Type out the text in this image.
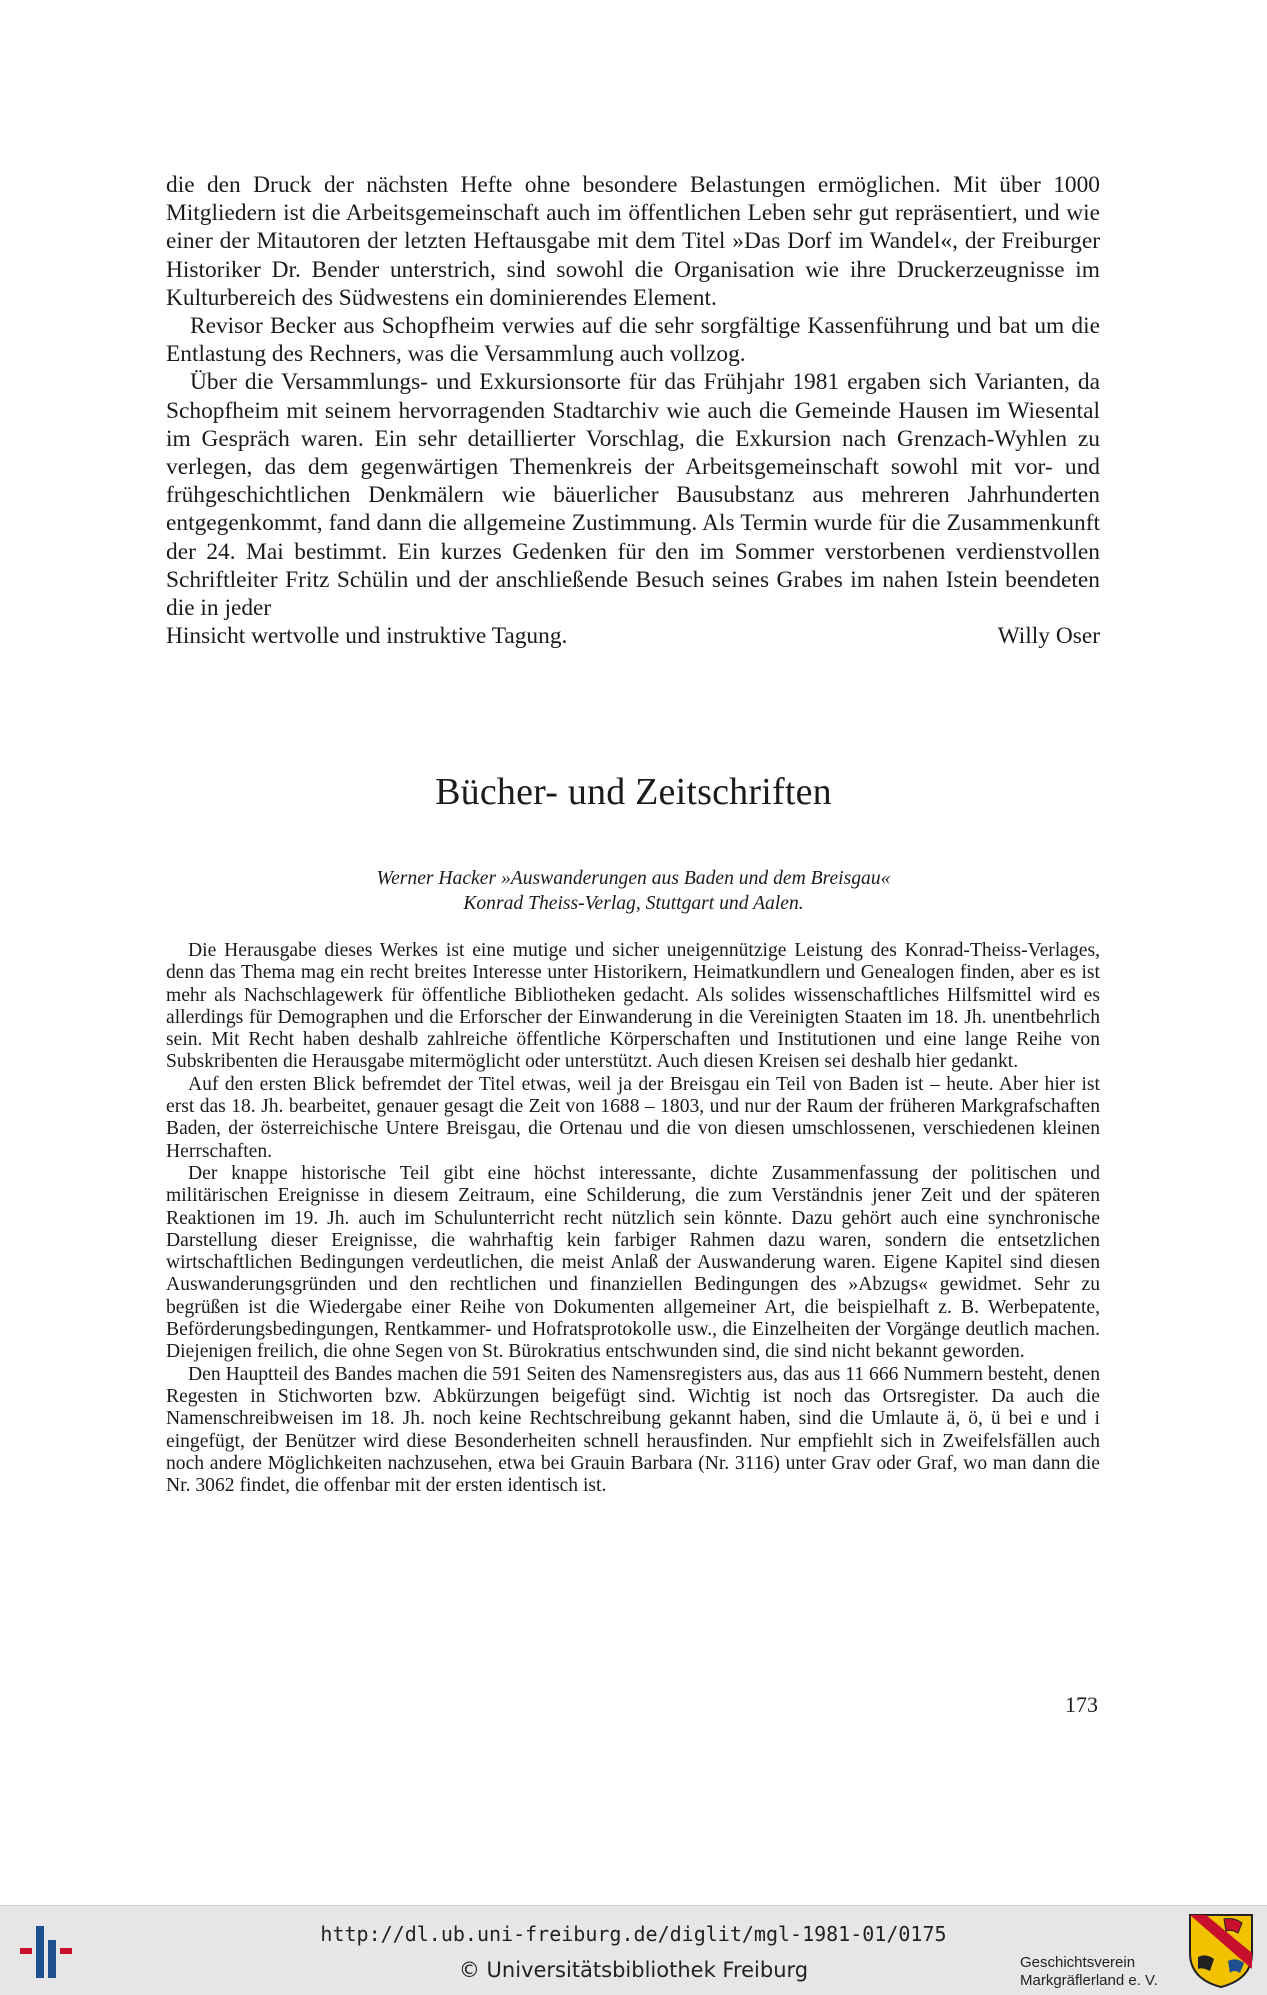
die den Druck der nächsten Hefte ohne besondere Belastungen ermöglichen. Mit über 1000 Mitgliedern ist die Arbeitsgemeinschaft auch im öffentlichen Leben sehr gut repräsentiert, und wie einer der Mitautoren der letzten Heftausgabe mit dem Titel »Das Dorf im Wandel«, der Freiburger Historiker Dr. Bender unterstrich, sind sowohl die Organisation wie ihre Druckerzeugnisse im Kulturbereich des Südwestens ein dominierendes Element.

Revisor Becker aus Schopfheim verwies auf die sehr sorgfältige Kassenführung und bat um die Entlastung des Rechners, was die Versammlung auch vollzog.

Über die Versammlungs- und Exkursionsorte für das Frühjahr 1981 ergaben sich Varianten, da Schopfheim mit seinem hervorragenden Stadtarchiv wie auch die Gemeinde Hausen im Wiesental im Gespräch waren. Ein sehr detaillierter Vorschlag, die Exkursion nach Grenzach-Wyhlen zu verlegen, das dem gegenwärtigen Themenkreis der Arbeitsgemeinschaft sowohl mit vor- und frühgeschichtlichen Denkmälern wie bäuerlicher Bausubstanz aus mehreren Jahrhunderten entgegenkommt, fand dann die allgemeine Zustimmung. Als Termin wurde für die Zusammenkunft der 24. Mai bestimmt. Ein kurzes Gedenken für den im Sommer verstorbenen verdienstvollen Schriftleiter Fritz Schülin und der anschließende Besuch seines Grabes im nahen Istein beendeten die in jeder

Hinsicht wertvolle und instruktive Tagung.	Willy Oser

Bücher- und Zeitschriften
Werner Hacker »Auswanderungen aus Baden und dem Breisgau«
Konrad Theiss-Verlag, Stuttgart und Aalen.

Die Herausgabe dieses Werkes ist eine mutige und sicher uneigennützige Leistung des Konrad-Theiss-Verlages, denn das Thema mag ein recht breites Interesse unter Historikern, Heimatkundlern und Genealogen finden, aber es ist mehr als Nachschlagewerk für öffentliche Bibliotheken gedacht. Als solides wissenschaftliches Hilfsmittel wird es allerdings für Demographen und die Erforscher der Einwanderung in die Vereinigten Staaten im 18. Jh. unentbehrlich sein. Mit Recht haben deshalb zahlreiche öffentliche Körperschaften und Institutionen und eine lange Reihe von Subskribenten die Herausgabe mitermöglicht oder unterstützt. Auch diesen Kreisen sei deshalb hier gedankt.

Auf den ersten Blick befremdet der Titel etwas, weil ja der Breisgau ein Teil von Baden ist – heute. Aber hier ist erst das 18. Jh. bearbeitet, genauer gesagt die Zeit von 1688 – 1803, und nur der Raum der früheren Markgrafschaften Baden, der österreichische Untere Breisgau, die Ortenau und die von diesen umschlossenen, verschiedenen kleinen Herrschaften.

Der knappe historische Teil gibt eine höchst interessante, dichte Zusammenfassung der politischen und militärischen Ereignisse in diesem Zeitraum, eine Schilderung, die zum Verständnis jener Zeit und der späteren Reaktionen im 19. Jh. auch im Schulunterricht recht nützlich sein könnte. Dazu gehört auch eine synchronische Darstellung dieser Ereignisse, die wahrhaftig kein farbiger Rahmen dazu waren, sondern die entsetzlichen wirtschaftlichen Bedingungen verdeutlichen, die meist Anlaß der Auswanderung waren. Eigene Kapitel sind diesen Auswanderungsgründen und den rechtlichen und finanziellen Bedingungen des »Abzugs« gewidmet. Sehr zu begrüßen ist die Wiedergabe einer Reihe von Dokumenten allgemeiner Art, die beispielhaft z. B. Werbepatente, Beförderungsbedingungen, Rentkammer- und Hofratsprotokolle usw., die Einzelheiten der Vorgänge deutlich machen. Diejenigen freilich, die ohne Segen von St. Bürokratius entschwunden sind, die sind nicht bekannt geworden.

Den Hauptteil des Bandes machen die 591 Seiten des Namensregisters aus, das aus 11 666 Nummern besteht, denen Regesten in Stichworten bzw. Abkürzungen beigefügt sind. Wichtig ist noch das Ortsregister. Da auch die Namenschreibweisen im 18. Jh. noch keine Rechtschreibung gekannt haben, sind die Umlaute ä, ö, ü bei e und i eingefügt, der Benützer wird diese Besonderheiten schnell herausfinden. Nur empfiehlt sich in Zweifelsfällen auch noch andere Möglichkeiten nachzusehen, etwa bei Grauin Barbara (Nr. 3116) unter Grav oder Graf, wo man dann die Nr. 3062 findet, die offenbar mit der ersten identisch ist.

173
http://dl.ub.uni-freiburg.de/diglit/mgl-1981-01/0175
© Universitätsbibliothek Freiburg	Geschichtsverein
Markgräflerland e. V.
